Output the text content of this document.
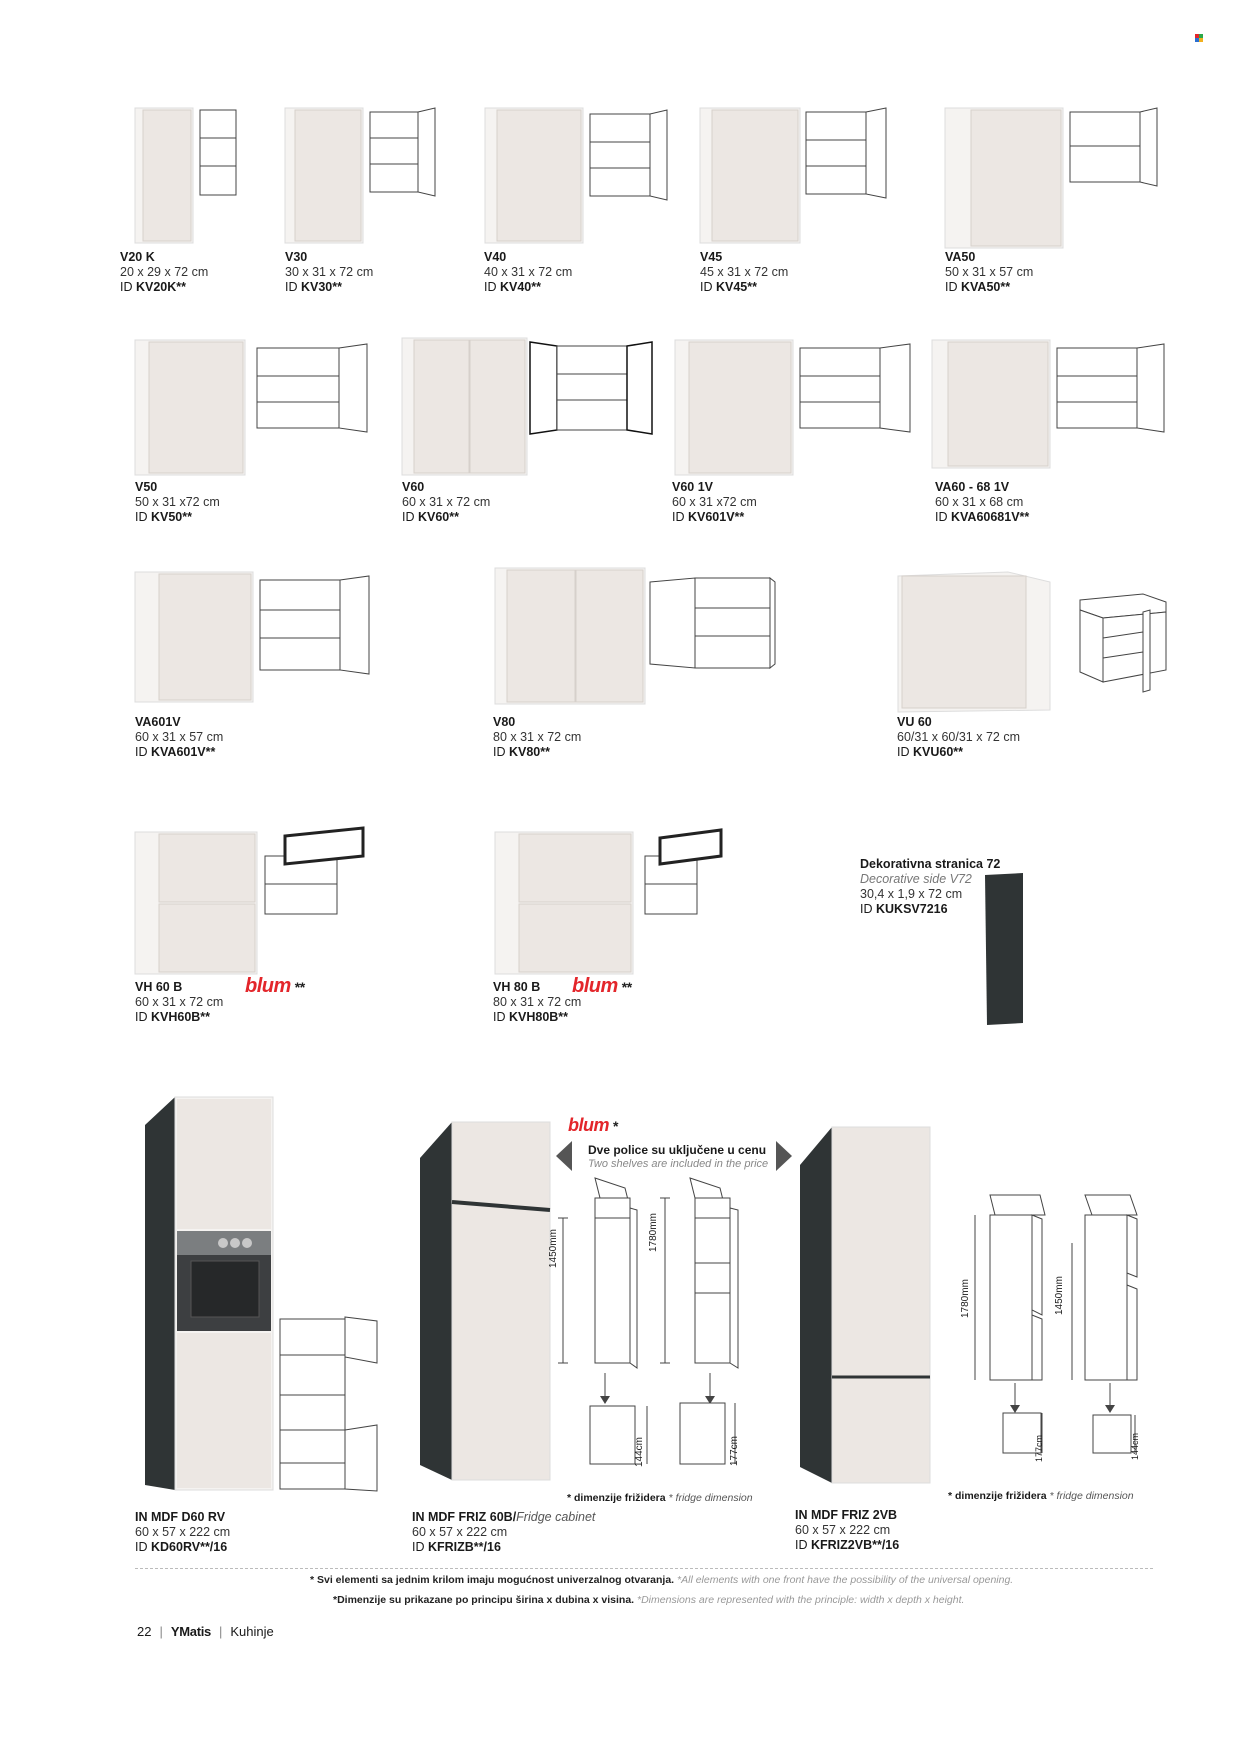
V20 K
20 x 29 x 72 cm
ID KV20K**
V30
30 x 31 x 72 cm
ID KV30**
V40
40 x 31 x 72 cm
ID KV40**
V45
45 x 31 x 72 cm
ID KV45**
VA50
50 x 31 x 57 cm
ID KVA50**
V50
50 x 31 x72 cm
ID KV50**
V60
60 x 31 x 72 cm
ID KV60**
V60 1V
60 x 31 x72 cm
ID KV601V**
VA60 - 68 1V
60 x 31 x 68 cm
ID KVA60681V**
VA601V
60 x 31 x 57 cm
ID KVA601V**
V80
80 x 31 x 72 cm
ID KV80**
VU 60
60/31 x 60/31 x 72 cm
ID KVU60**
VH 60 B
60 x 31 x 72 cm
ID KVH60B**
blum **	VH 80 B
80 x 31 x 72 cm
ID KVH80B**
blum **
Dekorativna stranica 72
Decorative side V72
30,4 x 1,9 x 72 cm
ID KUKSV7216
IN MDF D60 RV
60 x 57 x 222 cm
ID KD60RV**/16
IN MDF FRIZ 60B/Fridge cabinet
60 x 57 x 222 cm
ID KFRIZB**/16
blum *
Dve police su uključene u cenu
Two shelves are included in the price
1450mm
144cm
1780mm
177cm
* dimenzije frižidera * fridge dimension
IN MDF FRIZ 2VB
60 x 57 x 222 cm
ID KFRIZ2VB**/16
1780mm
177cm
1450mm
144cm
* dimenzije frižidera * fridge dimension
* Svi elementi sa jednim krilom imaju mogućnost univerzalnog otvaranja. *All elements with one front have the possibility of the universal opening.
*Dimenzije su prikazane po principu širina x dubina x visina. *Dimensions are represented with the principle: width x depth x height.
22 | YMatis | Kuhinje
